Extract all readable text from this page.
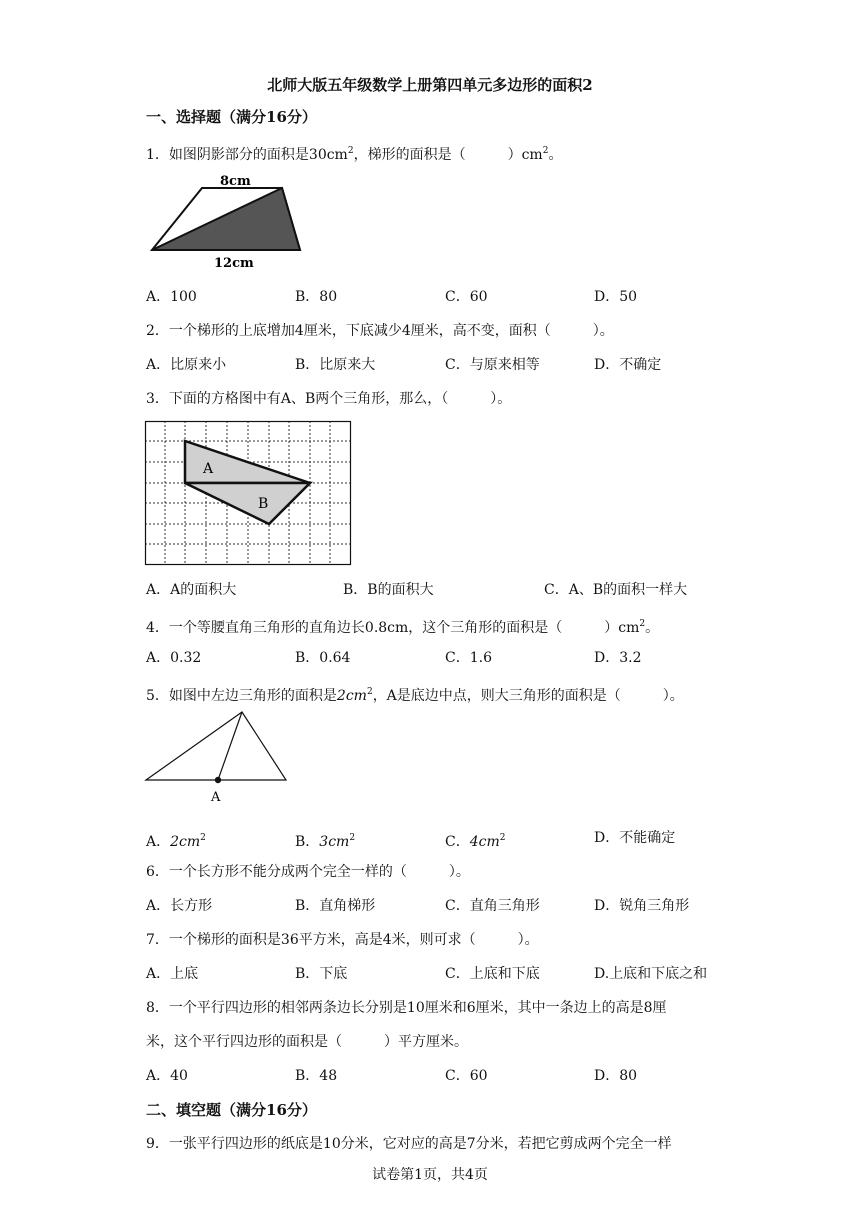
北师大版五年级数学上册第四单元多边形的面积2
一、选择题（满分16分）
1．如图阴影部分的面积是$30cm^2$，梯形的面积是（　　　）$cm^2$。
8cm
12cm
A．100	B．80	C．60	D．50
2．一个梯形的上底增加4厘米，下底减少4厘米，高不变，面积（　　　）。
A．比原来小	B．比原来大	C．与原来相等	D．不确定
3．下面的方格图中有A、B两个三角形，那么，（　　　）。
A
B
A．A的面积大	B．B的面积大	C．A、B的面积一样大
4．一个等腰直角三角形的直角边长0.8cm，这个三角形的面积是（　　　）$cm^2$。
A．0.32	B．0.64	C．1.6	D．3.2
5．如图中左边三角形的面积是$2cm^2$，A是底边中点，则大三角形的面积是（　　　）。
A
A．$2cm^2$	B．$3cm^2$	C．$4cm^2$	D．不能确定
6．一个长方形不能分成两个完全一样的（　　　）。
A．长方形	B．直角梯形	C．直角三角形	D．锐角三角形
7．一个梯形的面积是36平方米，高是4米，则可求（　　　）。
A．上底	B．下底	C．上底和下底	D.上底和下底之和
8．一个平行四边形的相邻两条边长分别是10厘米和6厘米，其中一条边上的高是8厘
米，这个平行四边形的面积是（　　　）平方厘米。
A．40	B．48	C．60	D．80
二、填空题（满分16分）
9．一张平行四边形的纸底是10分米，它对应的高是7分米，若把它剪成两个完全一样
试卷第1页，共4页
